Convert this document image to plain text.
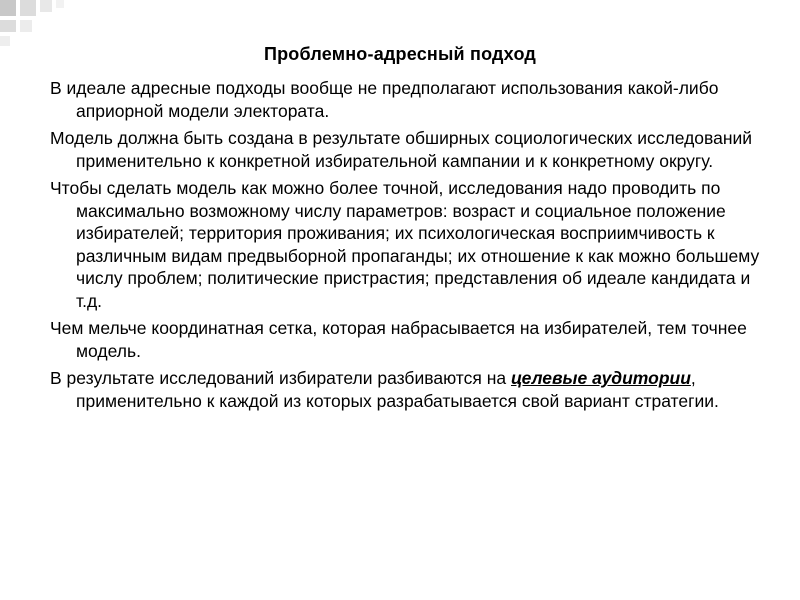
Проблемно-адресный подход

В идеале адресные подходы вообще не предполагают использования какой-либо априорной модели электората.

Модель должна быть создана в результате обширных социологических исследований применительно к конкретной избирательной кампании и к конкретному округу.

Чтобы сделать модель как можно более точной, исследования надо проводить по максимально возможному числу параметров: возраст и социальное положение избирателей; территория проживания; их психологическая восприимчивость к различным видам предвыборной пропаганды; их отношение к как можно большему числу проблем; политические пристрастия; представления об идеале кандидата и т.д.

Чем мельче координатная сетка, которая набрасывается на избирателей, тем точнее модель.

В результате исследований избиратели разбиваются на целевые аудитории, применительно к каждой из которых разрабатывается свой вариант стратегии.
